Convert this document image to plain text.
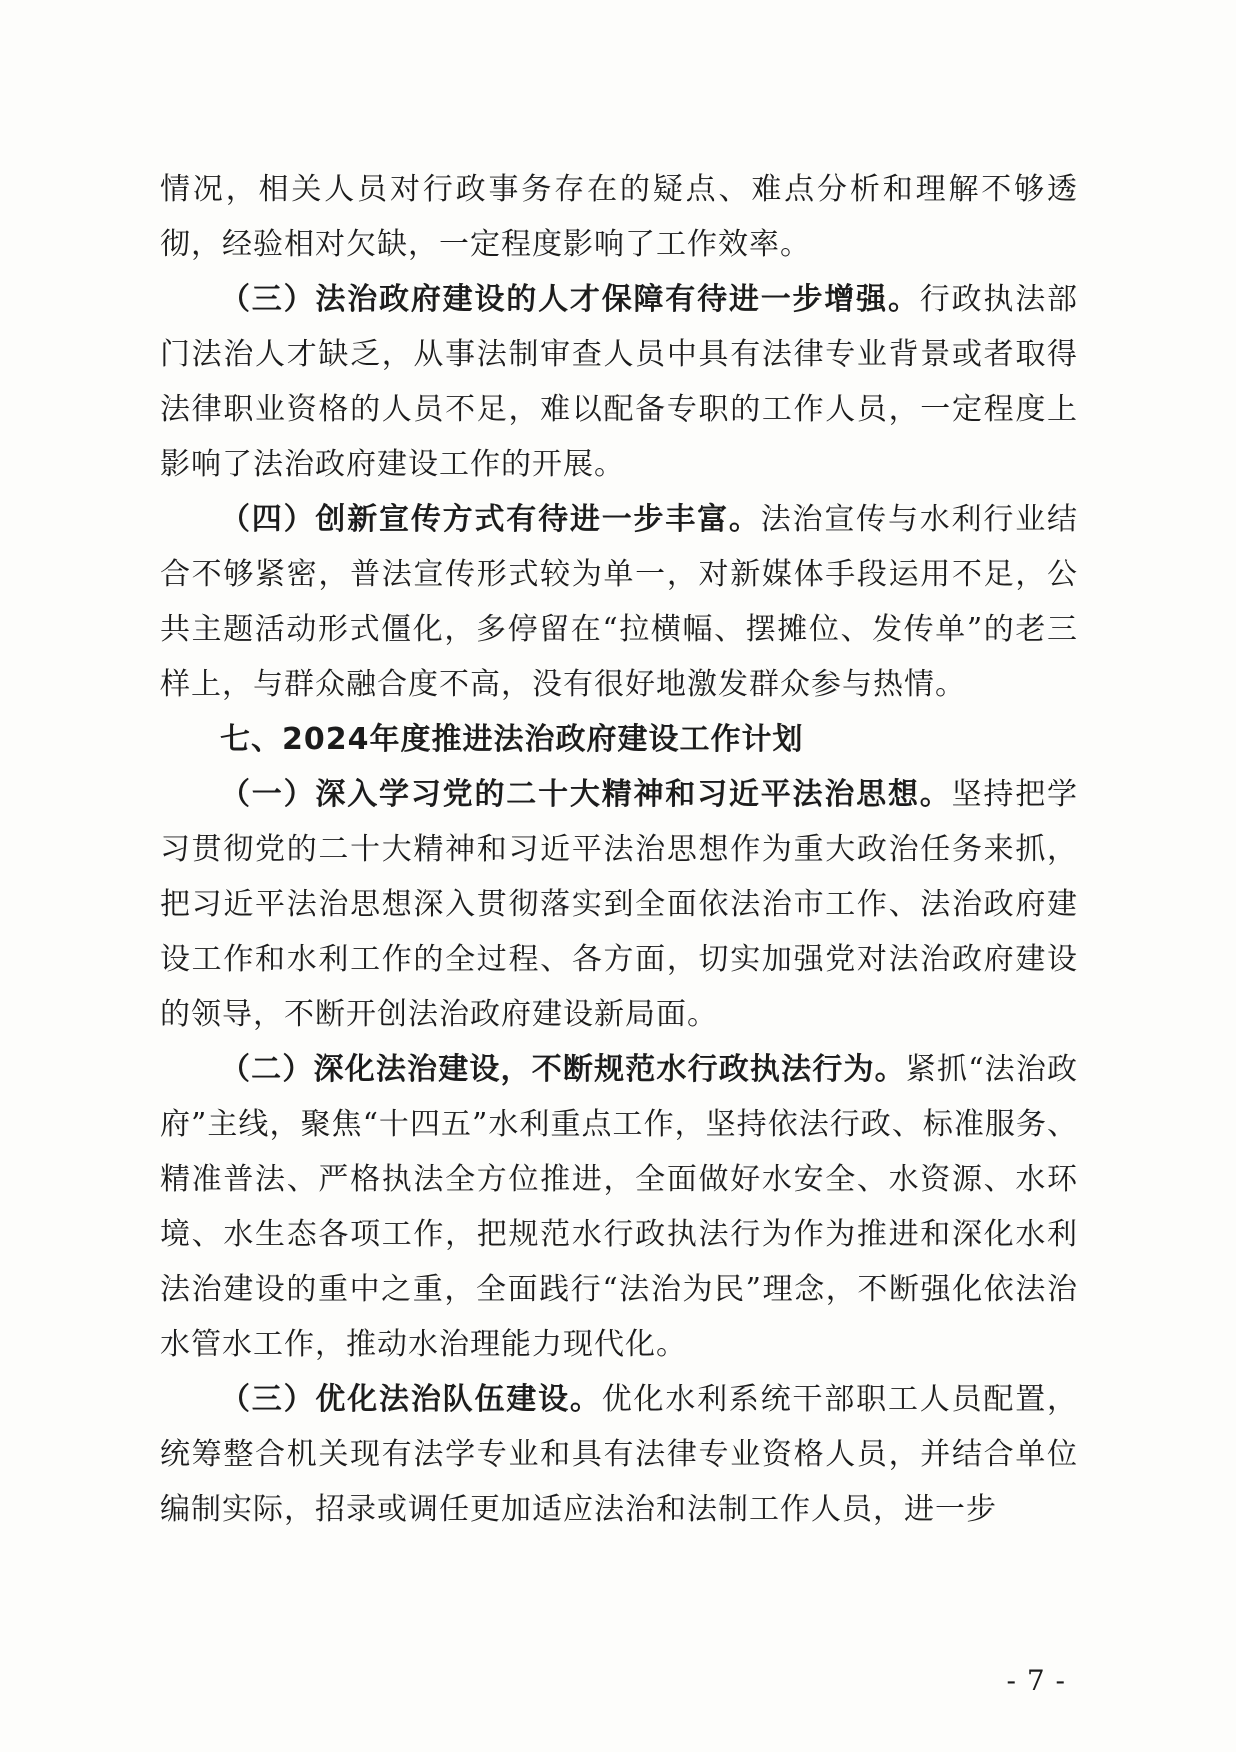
情况，相关人员对行政事务存在的疑点、难点分析和理解不够透彻，经验相对欠缺，一定程度影响了工作效率。

（三）法治政府建设的人才保障有待进一步增强。行政执法部门法治人才缺乏，从事法制审查人员中具有法律专业背景或者取得法律职业资格的人员不足，难以配备专职的工作人员，一定程度上影响了法治政府建设工作的开展。

（四）创新宣传方式有待进一步丰富。法治宣传与水利行业结合不够紧密，普法宣传形式较为单一，对新媒体手段运用不足，公共主题活动形式僵化，多停留在“拉横幅、摆摊位、发传单”的老三样上，与群众融合度不高，没有很好地激发群众参与热情。

七、2024年度推进法治政府建设工作计划

（一）深入学习党的二十大精神和习近平法治思想。坚持把学习贯彻党的二十大精神和习近平法治思想作为重大政治任务来抓，把习近平法治思想深入贯彻落实到全面依法治市工作、法治政府建设工作和水利工作的全过程、各方面，切实加强党对法治政府建设的领导，不断开创法治政府建设新局面。

（二）深化法治建设，不断规范水行政执法行为。紧抓“法治政府”主线，聚焦“十四五”水利重点工作，坚持依法行政、标准服务、精准普法、严格执法全方位推进，全面做好水安全、水资源、水环境、水生态各项工作，把规范水行政执法行为作为推进和深化水利法治建设的重中之重，全面践行“法治为民”理念，不断强化依法治水管水工作，推动水治理能力现代化。

（三）优化法治队伍建设。优化水利系统干部职工人员配置，统筹整合机关现有法学专业和具有法律专业资格人员，并结合单位编制实际，招录或调任更加适应法治和法制工作人员，进一步

- 7 -
